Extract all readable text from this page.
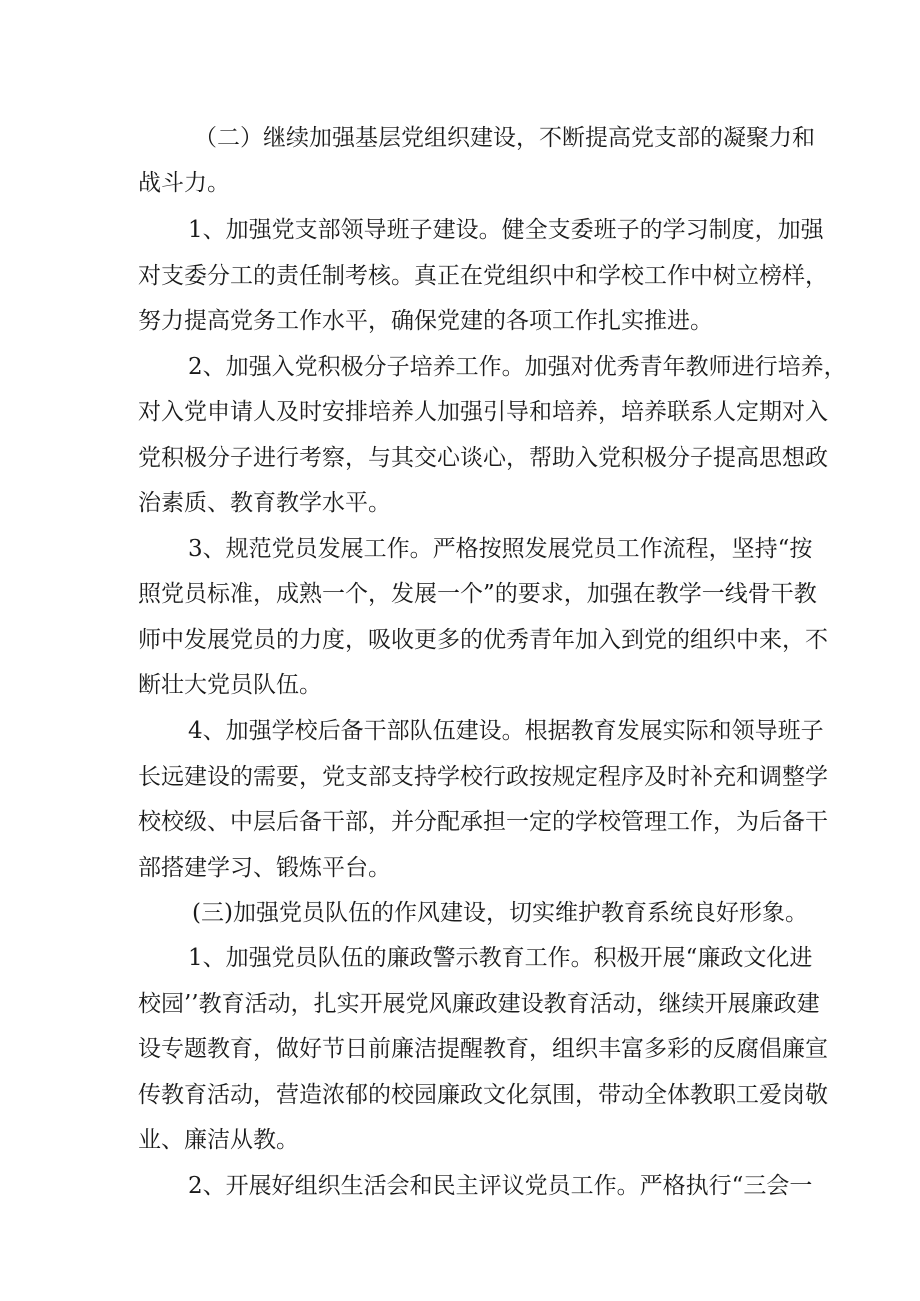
（二）继续加强基层党组织建设，不断提高党支部的凝聚力和
战斗力。
1、加强党支部领导班子建设。健全支委班子的学习制度，加强
对支委分工的责任制考核。真正在党组织中和学校工作中树立榜样，
努力提高党务工作水平，确保党建的各项工作扎实推进。
2、加强入党积极分子培养工作。加强对优秀青年教师进行培养，
对入党申请人及时安排培养人加强引导和培养，培养联系人定期对入
党积极分子进行考察，与其交心谈心，帮助入党积极分子提高思想政
治素质、教育教学水平。
3、规范党员发展工作。严格按照发展党员工作流程，坚持“按
照党员标准，成熟一个，发展一个”的要求，加强在教学一线骨干教
师中发展党员的力度，吸收更多的优秀青年加入到党的组织中来，不
断壮大党员队伍。
4、加强学校后备干部队伍建设。根据教育发展实际和领导班子
长远建设的需要，党支部支持学校行政按规定程序及时补充和调整学
校校级、中层后备干部，并分配承担一定的学校管理工作，为后备干
部搭建学习、锻炼平台。
(三)加强党员队伍的作风建设，切实维护教育系统良好形象。
1、加强党员队伍的廉政警示教育工作。积极开展“廉政文化进
校园’’教育活动，扎实开展党风廉政建设教育活动，继续开展廉政建
设专题教育，做好节日前廉洁提醒教育，组织丰富多彩的反腐倡廉宣
传教育活动，营造浓郁的校园廉政文化氛围，带动全体教职工爱岗敬
业、廉洁从教。
2、开展好组织生活会和民主评议党员工作。严格执行“三会一
